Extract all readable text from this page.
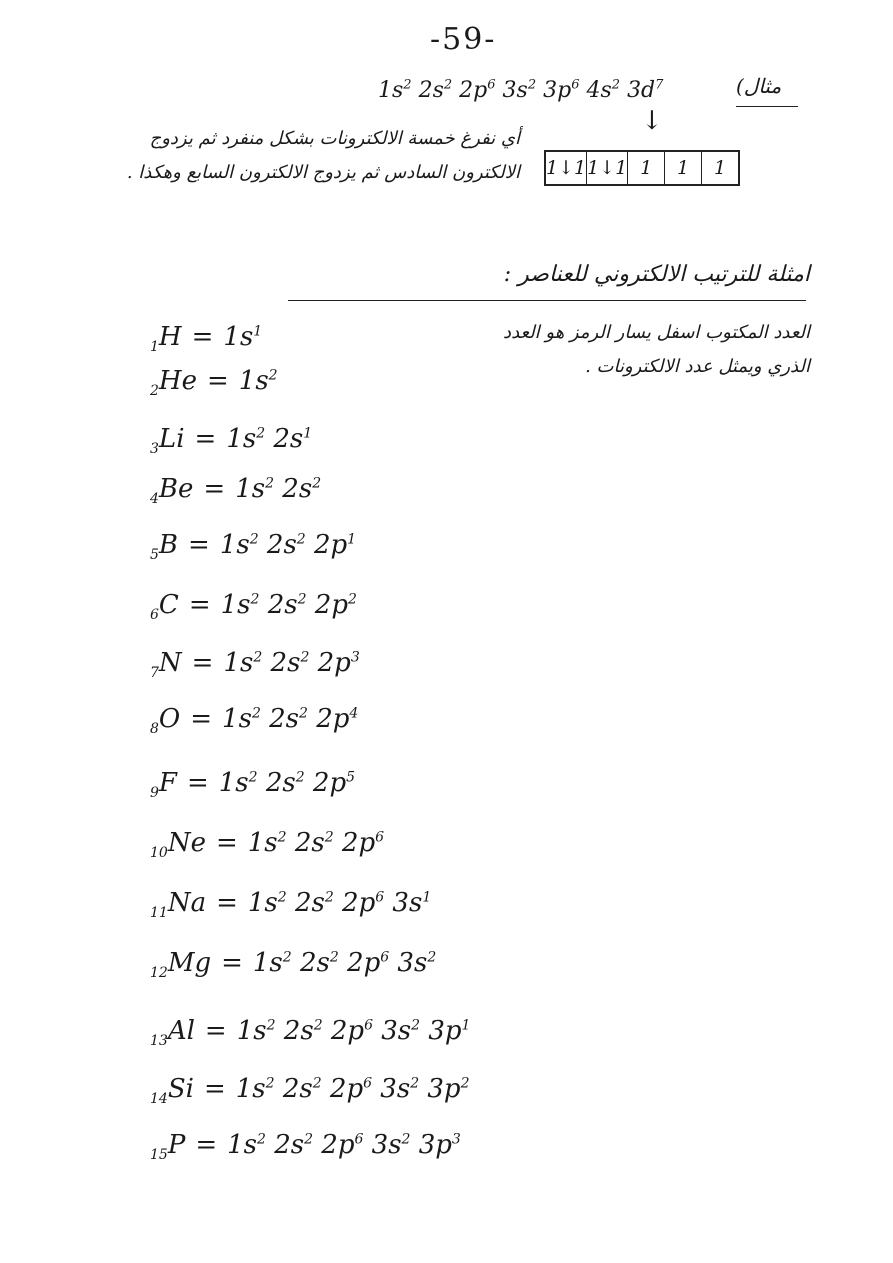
-59-
مثال)
$1s^2$ $2s^2$ $2p^6$ $3s^2$ $3p^6$ $4s^2$ $3d^7$
↓
1↓1 1↓1 1	1	1
أي نفرغ خمسة الالكترونات بشكل منفرد ثم يزدوج الالكترون السادس ثم يزدوج الالكترون السابع وهكذا .
امثلة للترتيب الالكتروني للعناصر :
العدد المكتوب اسفل يسار الرمز هو العدد الذري ويمثل عدد الالكترونات .
$_1H = 1s^1$
$_2He = 1s^2$
$_3Li = 1s^2$ $2s^1$
$_4Be = 1s^2$ $2s^2$
$_5B = 1s^2$ $2s^2$ $2p^1$
$_6C = 1s^2$ $2s^2$ $2p^2$
$_7N = 1s^2$ $2s^2$ $2p^3$
$_8O = 1s^2$ $2s^2$ $2p^4$
$_9F = 1s^2$ $2s^2$ $2p^5$
$_{10}Ne = 1s^2$ $2s^2$ $2p^6$
$_{11}Na = 1s^2$ $2s^2$ $2p^6$ $3s^1$
$_{12}Mg = 1s^2$ $2s^2$ $2p^6$ $3s^2$
$_{13}Al = 1s^2$ $2s^2$ $2p^6$ $3s^2$ $3p^1$
$_{14}Si = 1s^2$ $2s^2$ $2p^6$ $3s^2$ $3p^2$
$_{15}P = 1s^2$ $2s^2$ $2p^6$ $3s^2$ $3p^3$
